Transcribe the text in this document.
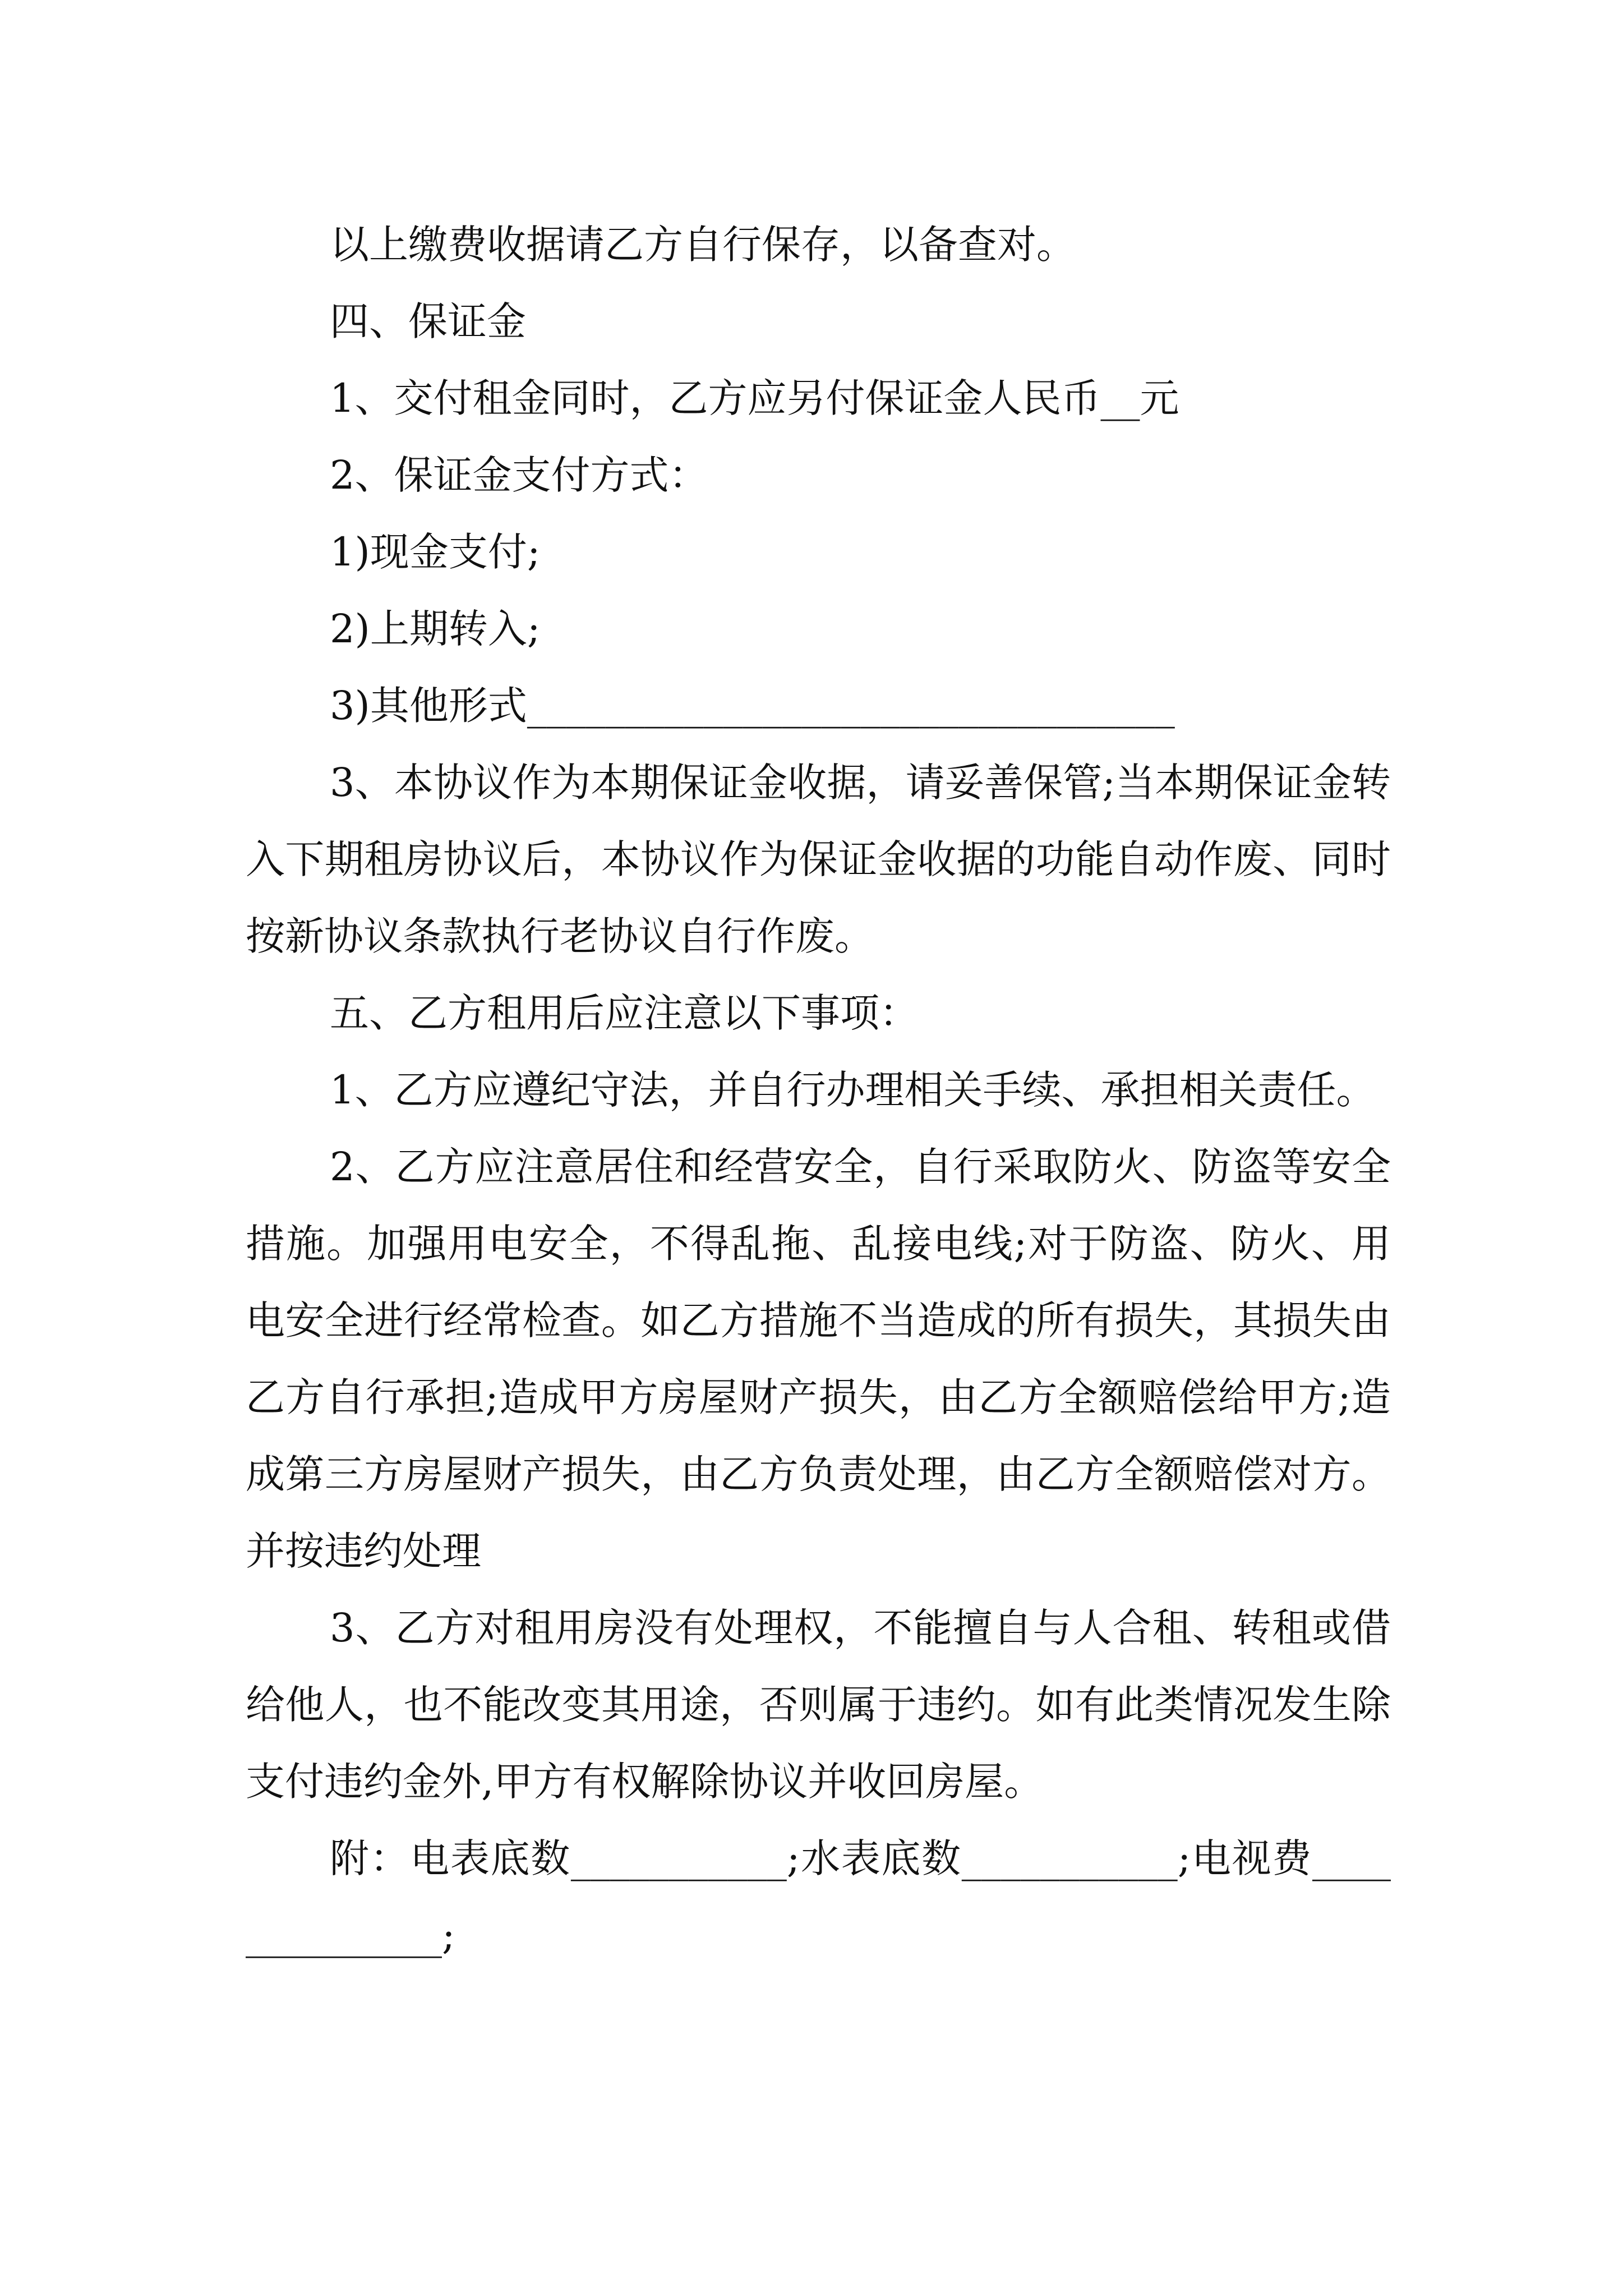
以上缴费收据请乙方自行保存，以备查对。

四、保证金

1、交付租金同时，乙方应另付保证金人民币__元

2、保证金支付方式：

1)现金支付;

2)上期转入;

3)其他形式_________________________________

3、本协议作为本期保证金收据，请妥善保管;当本期保证金转入下期租房协议后，本协议作为保证金收据的功能自动作废、同时按新协议条款执行老协议自行作废。

五、乙方租用后应注意以下事项：

1、乙方应遵纪守法，并自行办理相关手续、承担相关责任。

2、乙方应注意居住和经营安全，自行采取防火、防盗等安全措施。加强用电安全，不得乱拖、乱接电线;对于防盗、防火、用电安全进行经常检查。如乙方措施不当造成的所有损失，其损失由乙方自行承担;造成甲方房屋财产损失，由乙方全额赔偿给甲方;造成第三方房屋财产损失，由乙方负责处理，由乙方全额赔偿对方。并按违约处理

3、乙方对租用房没有处理权，不能擅自与人合租、转租或借给他人，也不能改变其用途，否则属于违约。如有此类情况发生除支付违约金外,甲方有权解除协议并收回房屋。

附：电表底数___________;水表底数___________;电视费______________;
